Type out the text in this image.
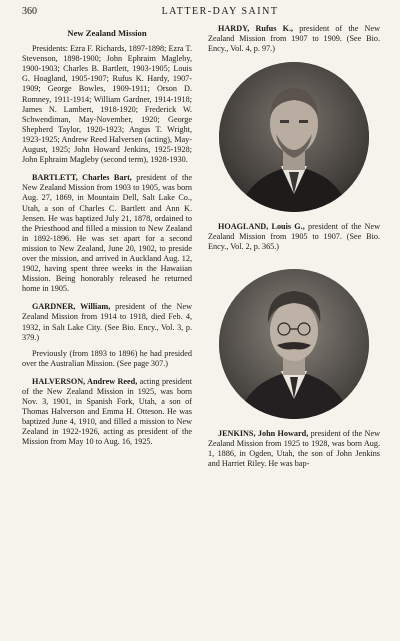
360	LATTER-DAY SAINT
New Zealand Mission

Presidents: Ezra F. Richards, 1897-1898; Ezra T. Stevenson, 1898-1900; John Ephraim Magleby, 1900-1903; Charles B. Bartlett, 1903-1905; Louis G. Hoagland, 1905-1907; Rufus K. Hardy, 1907-1909; George Bowles, 1909-1911; Orson D. Romney, 1911-1914; William Gardner, 1914-1918; James N. Lambert, 1918-1920; Frederick W. Schwendiman, May-November, 1920; George Shepherd Taylor, 1920-1923; Angus T. Wright, 1923-1925; Andrew Reed Halversen (acting), May-August, 1925; John Howard Jenkins, 1925-1928; John Ephraim Magleby (second term), 1928-1930.

BARTLETT, Charles Bart, president of the New Zealand Mission from 1903 to 1905, was born Aug. 27, 1869, in Mountain Dell, Salt Lake Co., Utah, a son of Charles C. Bartlett and Ann K. Jensen. He was baptized July 21, 1878, ordained to the Priesthood and filled a mission to New Zealand in 1892-1896. He was set apart for a second mission to New Zealand, June 20, 1902, to preside over the mission, and arrived in Auckland Aug. 12, 1902, having spent three weeks in the Hawaiian Mission. Being honorably released he returned home in 1905.

GARDNER, William, president of the New Zealand Mission from 1914 to 1918, died Feb. 4, 1932, in Salt Lake City. (See Bio. Ency., Vol. 3, p. 379.)

Previously (from 1893 to 1896) he had presided over the Australian Mission. (See page 307.)

HALVERSON, Andrew Reed, acting president of the New Zealand Mission in 1925, was born Nov. 3, 1901, in Spanish Fork, Utah, a son of Thomas Halverson and Emma H. Otteson. He was baptized June 4, 1910, and filled a mission to New Zealand in 1922-1926, acting as president of the Mission from May 10 to Aug. 16, 1925.

HARDY, Rufus K., president of the New Zealand Mission from 1907 to 1909. (See Bio. Ency., Vol. 4, p. 97.)

HOAGLAND, Louis G., president of the New Zealand Mission from 1905 to 1907. (See Bio. Ency., Vol. 2, p. 365.)

JENKINS, John Howard, president of the New Zealand Mission from 1925 to 1928, was born Aug. 1, 1886, in Ogden, Utah, the son of John Jenkins and Harriet Riley. He was bap-
